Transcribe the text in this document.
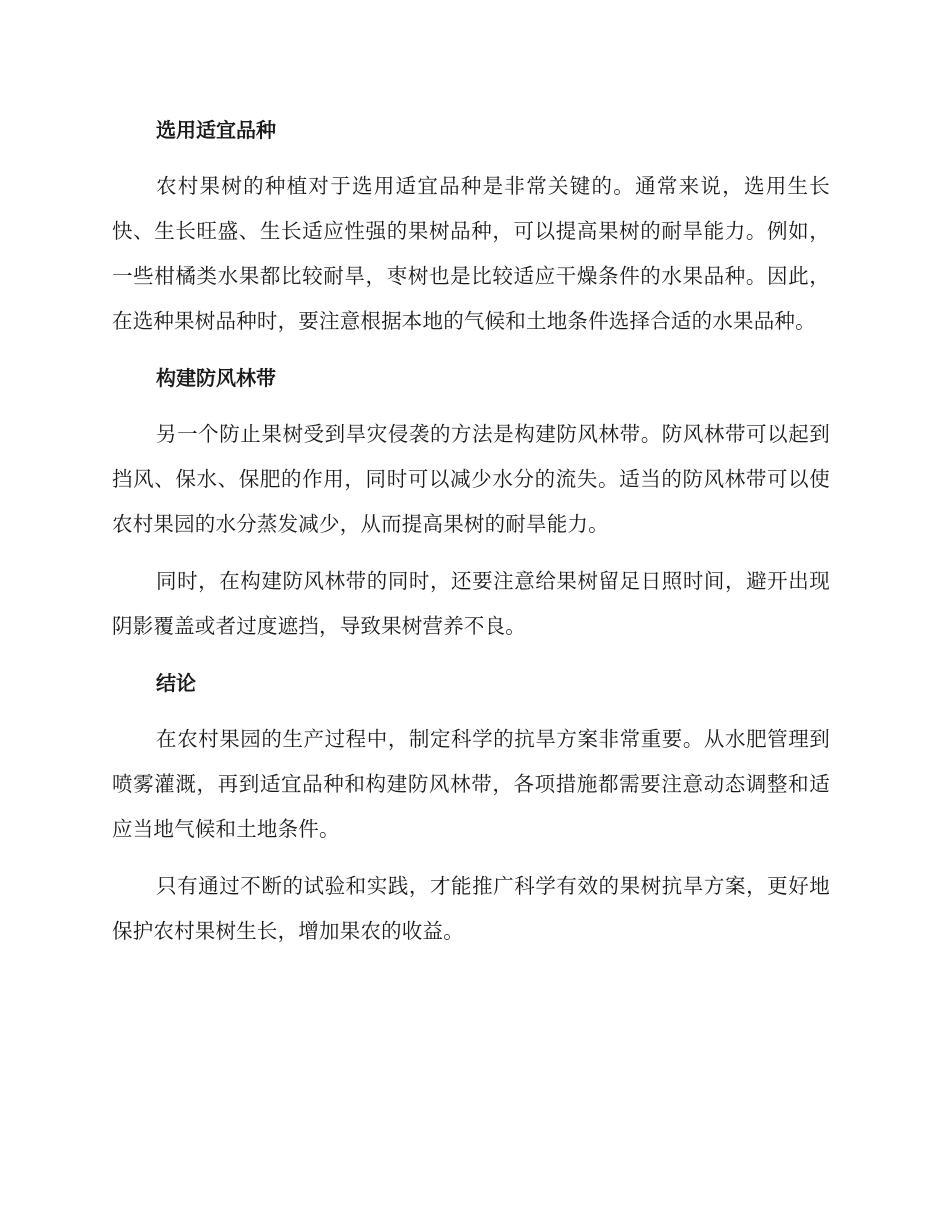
选用适宜品种

农村果树的种植对于选用适宜品种是非常关键的。通常来说，选用生长快、生长旺盛、生长适应性强的果树品种，可以提高果树的耐旱能力。例如，一些柑橘类水果都比较耐旱，枣树也是比较适应干燥条件的水果品种。因此，在选种果树品种时，要注意根据本地的气候和土地条件选择合适的水果品种。

构建防风林带

另一个防止果树受到旱灾侵袭的方法是构建防风林带。防风林带可以起到挡风、保水、保肥的作用，同时可以减少水分的流失。适当的防风林带可以使农村果园的水分蒸发减少，从而提高果树的耐旱能力。

同时，在构建防风林带的同时，还要注意给果树留足日照时间，避开出现阴影覆盖或者过度遮挡，导致果树营养不良。

结论

在农村果园的生产过程中，制定科学的抗旱方案非常重要。从水肥管理到喷雾灌溉，再到适宜品种和构建防风林带，各项措施都需要注意动态调整和适应当地气候和土地条件。

只有通过不断的试验和实践，才能推广科学有效的果树抗旱方案，更好地保护农村果树生长，增加果农的收益。
